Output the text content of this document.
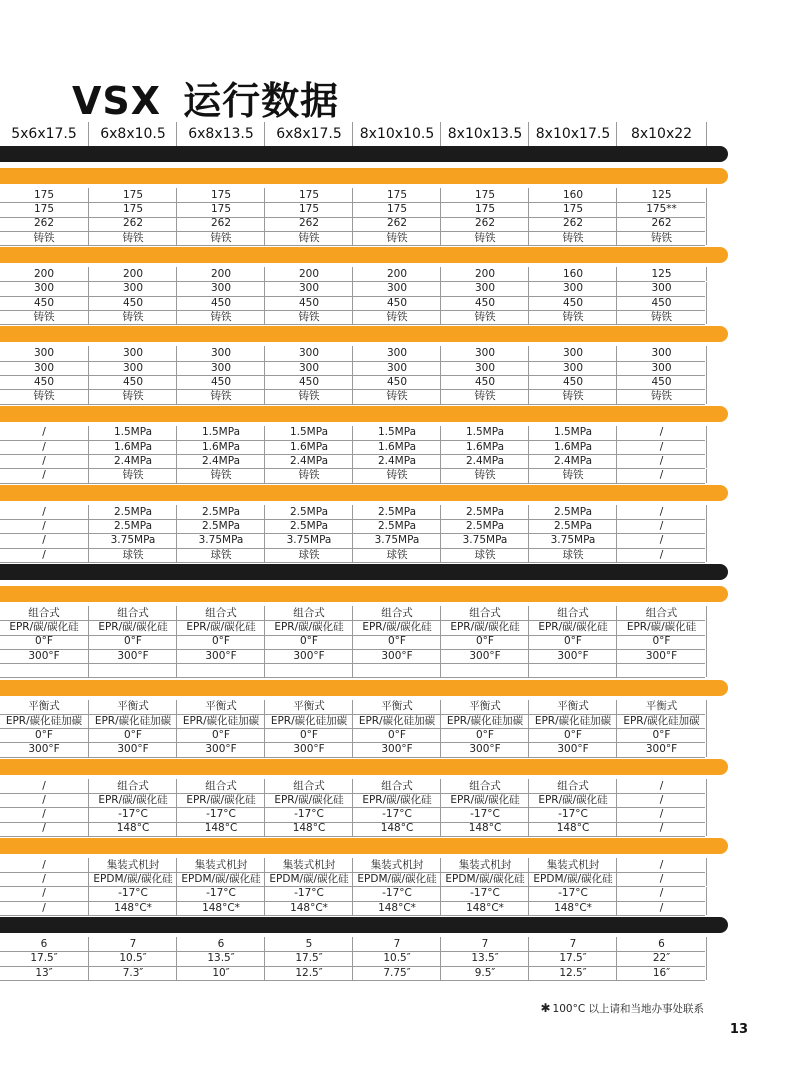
VSX 运行数据
5x6x17.5	6x8x10.5	6x8x13.5	6x8x17.5	8x10x10.5 8x10x13.5 8x10x17.5	8x10x22
175	175	175	175	175	175	160	125
175	175	175	175	175	175	175	175**
262	262	262	262	262	262	262	262
铸铁	铸铁	铸铁	铸铁	铸铁	铸铁	铸铁	铸铁
200	200	200	200	200	200	160	125
300	300	300	300	300	300	300	300
450	450	450	450	450	450	450	450
铸铁	铸铁	铸铁	铸铁	铸铁	铸铁	铸铁	铸铁
300	300	300	300	300	300	300	300
300	300	300	300	300	300	300	300
450	450	450	450	450	450	450	450
铸铁	铸铁	铸铁	铸铁	铸铁	铸铁	铸铁	铸铁
/	1.5MPa	1.5MPa	1.5MPa	1.5MPa	1.5MPa	1.5MPa	/
/	1.6MPa	1.6MPa	1.6MPa	1.6MPa	1.6MPa	1.6MPa	/
/	2.4MPa	2.4MPa	2.4MPa	2.4MPa	2.4MPa	2.4MPa	/
/	铸铁	铸铁	铸铁	铸铁	铸铁	铸铁	/
/	2.5MPa	2.5MPa	2.5MPa	2.5MPa	2.5MPa	2.5MPa	/
/	2.5MPa	2.5MPa	2.5MPa	2.5MPa	2.5MPa	2.5MPa	/
/	3.75MPa	3.75MPa	3.75MPa	3.75MPa	3.75MPa	3.75MPa	/
/	球铁	球铁	球铁	球铁	球铁	球铁	/
组合式	组合式	组合式	组合式	组合式	组合式	组合式	组合式
EPR/碳/碳化硅	EPR/碳/碳化硅	EPR/碳/碳化硅	EPR/碳/碳化硅	EPR/碳/碳化硅	EPR/碳/碳化硅	EPR/碳/碳化硅	EPR/碳/碳化硅
0°F	0°F	0°F	0°F	0°F	0°F	0°F	0°F
300°F	300°F	300°F	300°F	300°F	300°F	300°F	300°F
平衡式	平衡式	平衡式	平衡式	平衡式	平衡式	平衡式	平衡式
EPR/碳化硅加碳	EPR/碳化硅加碳	EPR/碳化硅加碳	EPR/碳化硅加碳	EPR/碳化硅加碳	EPR/碳化硅加碳	EPR/碳化硅加碳	EPR/碳化硅加碳
0°F	0°F	0°F	0°F	0°F	0°F	0°F	0°F
300°F	300°F	300°F	300°F	300°F	300°F	300°F	300°F
/	组合式	组合式	组合式	组合式	组合式	组合式	/
/	EPR/碳/碳化硅	EPR/碳/碳化硅	EPR/碳/碳化硅	EPR/碳/碳化硅	EPR/碳/碳化硅	EPR/碳/碳化硅	/
/	-17°C	-17°C	-17°C	-17°C	-17°C	-17°C	/
/	148°C	148°C	148°C	148°C	148°C	148°C	/
/	集装式机封	集装式机封	集装式机封	集装式机封	集装式机封	集装式机封	/
/	EPDM/碳/碳化硅 EPDM/碳/碳化硅 EPDM/碳/碳化硅 EPDM/碳/碳化硅 EPDM/碳/碳化硅 EPDM/碳/碳化硅	/
/	-17°C	-17°C	-17°C	-17°C	-17°C	-17°C	/
/	148°C*	148°C*	148°C*	148°C*	148°C*	148°C*	/
6	7	6	5	7	7	7	6
17.5″	10.5″	13.5″	17.5″	10.5″	13.5″	17.5″	22″
13″	7.3″	10″	12.5″	7.75″	9.5″	12.5″	16″
✱ 100°C 以上请和当地办事处联系
13
